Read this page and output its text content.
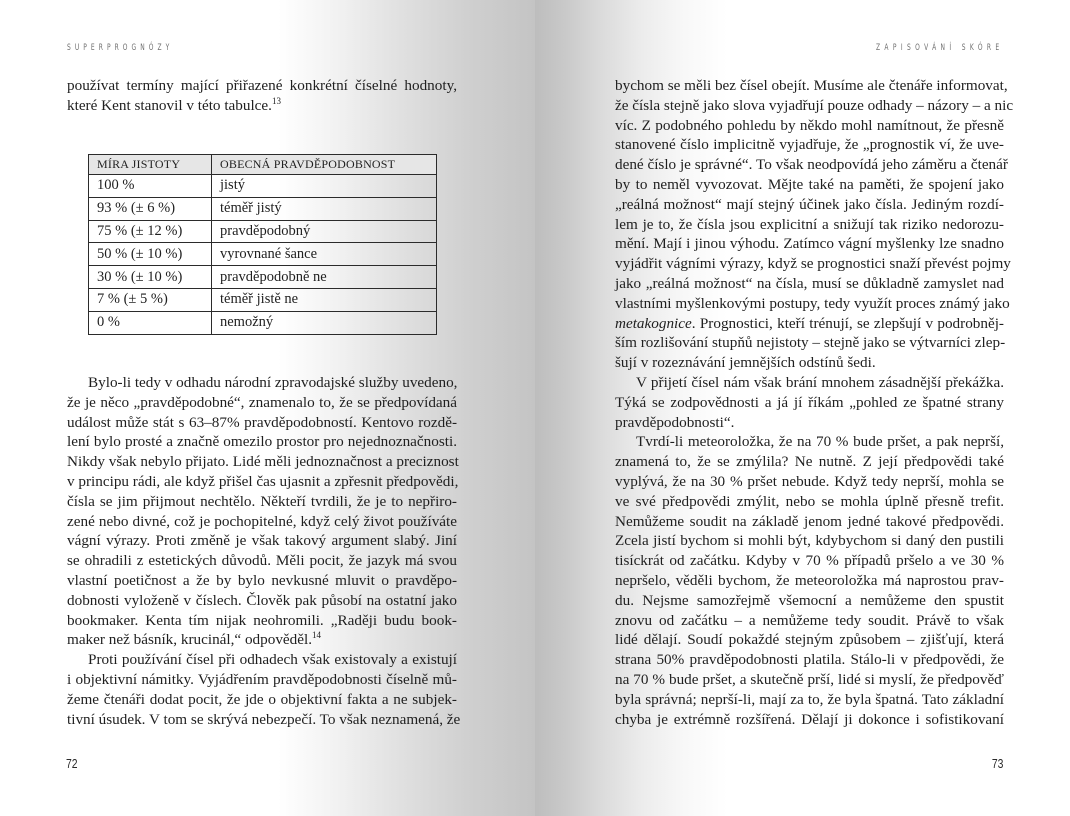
SUPERPROGNÓZY
používat termíny mající přiřazené konkrétní číselné hodnoty,
které Kent stanovil v této tabulce.$^{13}$
MÍRA JISTOTY	OBECNÁ PRAVDĚPODOBNOST
100 %	jistý
93 % (± 6 %)	téměř jistý
75 % (± 12 %)	pravděpodobný
50 % (± 10 %)	vyrovnané šance
30 % (± 10 %)	pravděpodobně ne
7 % (± 5 %)	téměř jistě ne
0 %	nemožný

Bylo-li tedy v odhadu národní zpravodajské služby uvedeno,
že je něco „pravděpodobné“, znamenalo to, že se předpovídaná
událost může stát s 63–87% pravděpodobností. Kentovo rozdě-
lení bylo prosté a značně omezilo prostor pro nejednoznačnosti.
Nikdy však nebylo přijato. Lidé měli jednoznačnost a preciznost
v principu rádi, ale když přišel čas ujasnit a zpřesnit předpovědi,
čísla se jim přijmout nechtělo. Někteří tvrdili, že je to nepřiro-
zené nebo divné, což je pochopitelné, když celý život používáte
vágní výrazy. Proti změně je však takový argument slabý. Jiní
se ohradili z estetických důvodů. Měli pocit, že jazyk má svou
vlastní poetičnost a že by bylo nevkusné mluvit o pravděpo-
dobnosti vyloženě v číslech. Člověk pak působí na ostatní jako
bookmaker. Kenta tím nijak neohromili. „Raději budu book-
maker než básník, krucinál,“ odpověděl.$^{14}$

Proti používání čísel při odhadech však existovaly a existují
i objektivní námitky. Vyjádřením pravděpodobnosti číselně mů-
žeme čtenáři dodat pocit, že jde o objektivní fakta a ne subjek-
tivní úsudek. V tom se skrývá nebezpečí. To však neznamená, že

72
ZAPISOVÁNÍ SKÓRE

bychom se měli bez čísel obejít. Musíme ale čtenáře informovat,
že čísla stejně jako slova vyjadřují pouze odhady – názory – a nic
víc. Z podobného pohledu by někdo mohl namítnout, že přesně
stanovené číslo implicitně vyjadřuje, že „prognostik ví, že uve-
dené číslo je správné“. To však neodpovídá jeho záměru a čtenář
by to neměl vyvozovat. Mějte také na paměti, že spojení jako
„reálná možnost“ mají stejný účinek jako čísla. Jediným rozdí-
lem je to, že čísla jsou explicitní a snižují tak riziko nedorozu-
mění. Mají i jinou výhodu. Zatímco vágní myšlenky lze snadno
vyjádřit vágními výrazy, když se prognostici snaží převést pojmy
jako „reálná možnost“ na čísla, musí se důkladně zamyslet nad
vlastními myšlenkovými postupy, tedy využít proces známý jako
metakognice. Prognostici, kteří trénují, se zlepšují v podrobněj-
ším rozlišování stupňů nejistoty – stejně jako se výtvarníci zlep-
šují v rozeznávání jemnějších odstínů šedi.

V přijetí čísel nám však brání mnohem zásadnější překážka.
Týká se zodpovědnosti a já jí říkám „pohled ze špatné strany
pravděpodobnosti“.

Tvrdí-li meteoroložka, že na 70 % bude pršet, a pak neprší,
znamená to, že se zmýlila? Ne nutně. Z její předpovědi také
vyplývá, že na 30 % pršet nebude. Když tedy neprší, mohla se
ve své předpovědi zmýlit, nebo se mohla úplně přesně trefit.
Nemůžeme soudit na základě jenom jedné takové předpovědi.
Zcela jistí bychom si mohli být, kdybychom si daný den pustili
tisíckrát od začátku. Kdyby v 70 % případů pršelo a ve 30 %
nepršelo, věděli bychom, že meteoroložka má naprostou prav-
du. Nejsme samozřejmě všemocní a nemůžeme den spustit
znovu od začátku – a nemůžeme tedy soudit. Právě to však
lidé dělají. Soudí pokaždé stejným způsobem – zjišťují, která
strana 50% pravděpodobnosti platila. Stálo-li v předpovědi, že
na 70 % bude pršet, a skutečně prší, lidé si myslí, že předpověď
byla správná; neprší-li, mají za to, že byla špatná. Tato základní
chyba je extrémně rozšířená. Dělají ji dokonce i sofistikovaní

73
